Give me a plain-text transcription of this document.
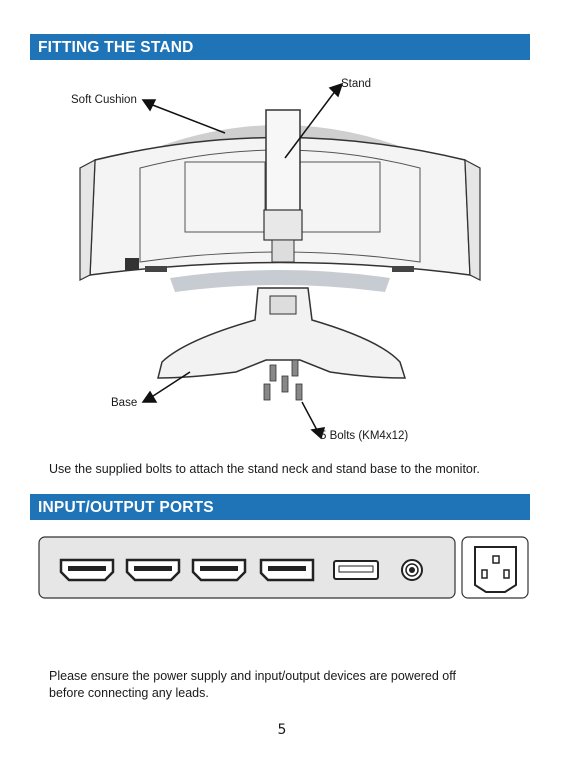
FITTING THE STAND
Stand
Soft Cushion
Base
5 Bolts (KM4x12)
Use the supplied bolts to attach the stand neck and stand base to the monitor.
INPUT/OUTPUT PORTS
Please ensure the power supply and input/output devices are powered off
before connecting any leads.
5
